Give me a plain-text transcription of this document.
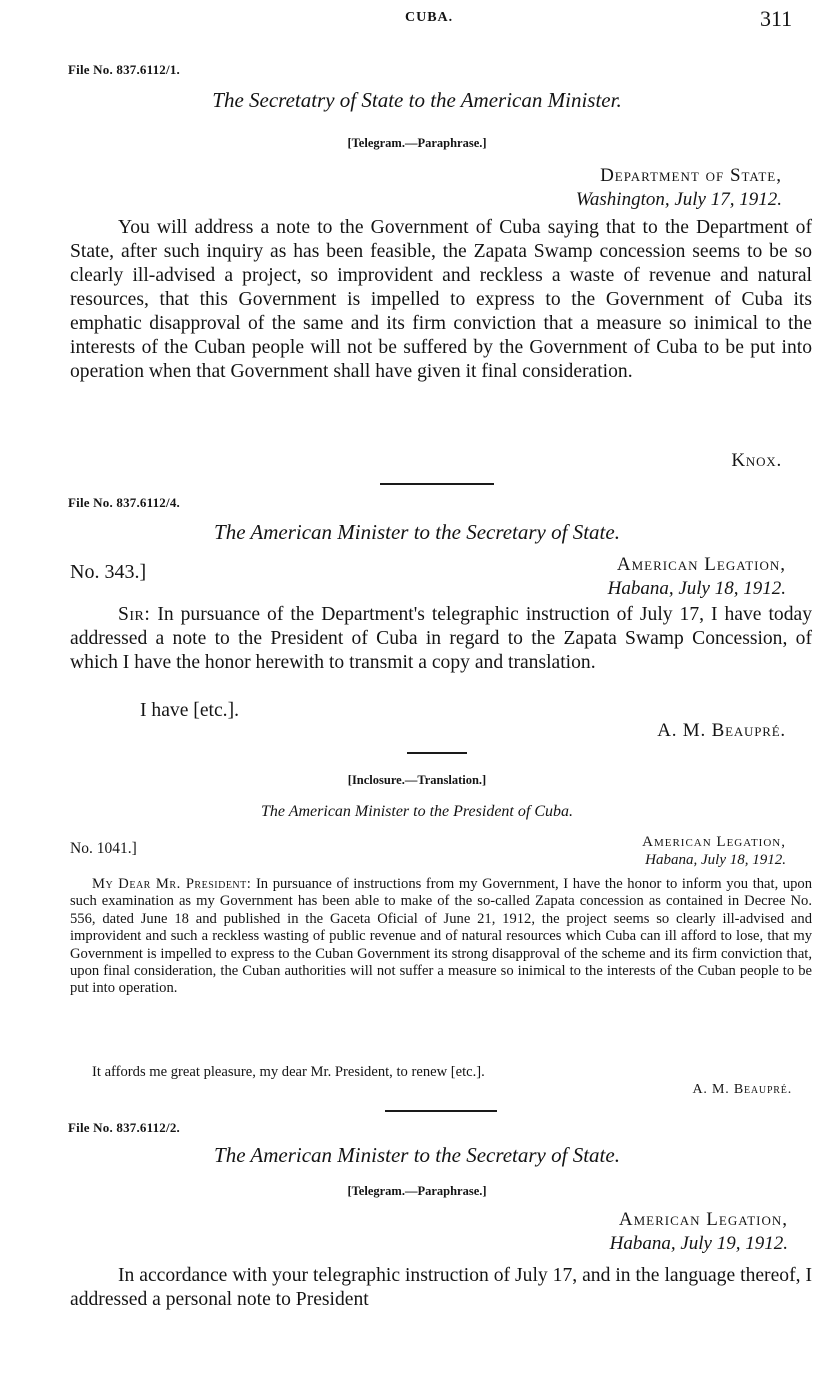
CUBA.	311
File No. 837.6112/1.
The Secretatry of State to the American Minister.
[Telegram.—Paraphrase.]
Department of State,
Washington, July 17, 1912.

You will address a note to the Government of Cuba saying that to the Department of State, after such inquiry as has been feasible, the Zapata Swamp concession seems to be so clearly ill-advised a project, so improvident and reckless a waste of revenue and natural resources, that this Government is impelled to express to the Government of Cuba its emphatic disapproval of the same and its firm conviction that a measure so inimical to the interests of the Cuban people will not be suffered by the Government of Cuba to be put into operation when that Government shall have given it final consideration.

Knox.
File No. 837.6112/4.
The American Minister to the Secretary of State.
No. 343.]	American Legation,
Habana, July 18, 1912.

Sir: In pursuance of the Department's telegraphic instruction of July 17, I have today addressed a note to the President of Cuba in regard to the Zapata Swamp Concession, of which I have the honor herewith to transmit a copy and translation.

I have [etc.].
A. M. Beaupré.
[Inclosure.—Translation.]
The American Minister to the President of Cuba.
No. 1041.]	American Legation,
Habana, July 18, 1912.

My Dear Mr. President: In pursuance of instructions from my Government, I have the honor to inform you that, upon such examination as my Government has been able to make of the so-called Zapata concession as contained in Decree No. 556, dated June 18 and published in the Gaceta Oficial of June 21, 1912, the project seems so clearly ill-advised and improvident and such a reckless wasting of public revenue and of natural resources which Cuba can ill afford to lose, that my Government is impelled to express to the Cuban Government its strong disapproval of the scheme and its firm conviction that, upon final consideration, the Cuban authorities will not suffer a measure so inimical to the interests of the Cuban people to be put into operation.

It affords me great pleasure, my dear Mr. President, to renew [etc.].
A. M. Beaupré.
File No. 837.6112/2.
The American Minister to the Secretary of State.
[Telegram.—Paraphrase.]
American Legation,
Habana, July 19, 1912.

In accordance with your telegraphic instruction of July 17, and in the language thereof, I addressed a personal note to President
